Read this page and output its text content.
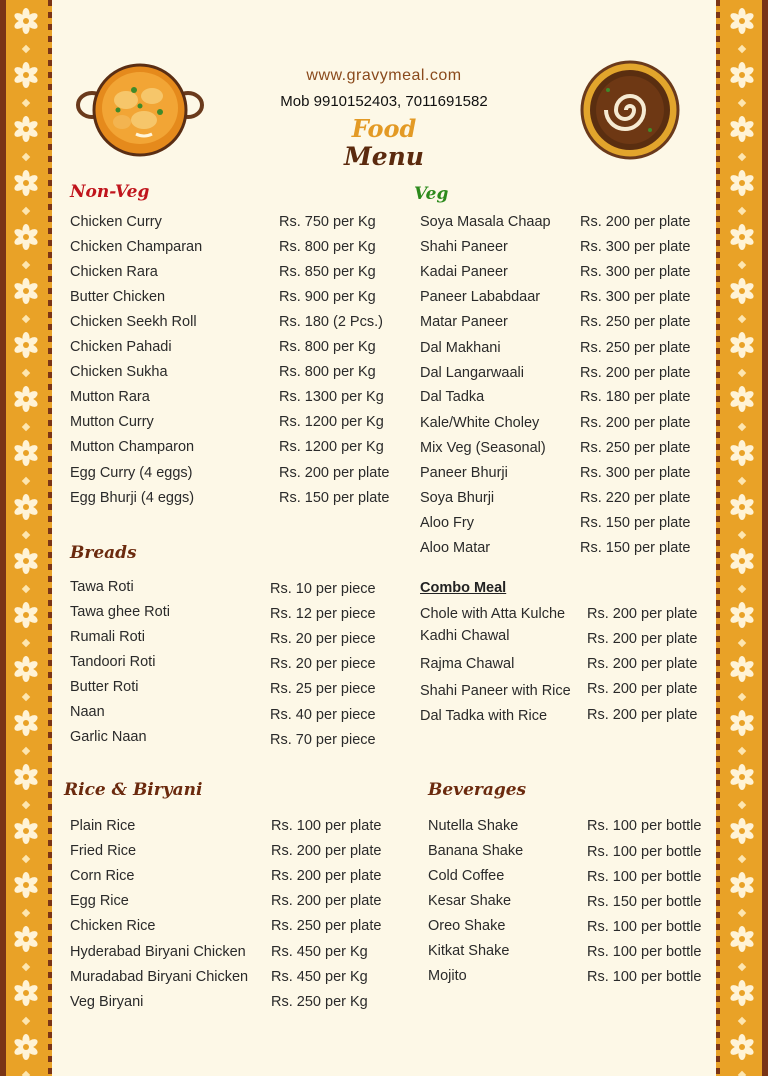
www.gravymeal.com
Mob 9910152403, 7011691582
Food
Menu
Non-Veg	Veg
Breads
Combo Meal
Rice & Biryani	Beverages
Chicken Curry	Rs. 750 per Kg
Chicken Champaran	Rs. 800 per Kg
Chicken Rara	Rs. 850 per Kg
Butter Chicken	Rs. 900 per Kg
Chicken Seekh Roll	Rs. 180 (2 Pcs.)
Chicken Pahadi	Rs. 800 per Kg
Chicken Sukha	Rs. 800 per Kg
Mutton Rara	Rs. 1300 per Kg
Mutton Curry	Rs. 1200 per Kg
Mutton Champaron	Rs. 1200 per Kg
Egg Curry (4 eggs)	Rs. 200 per plate
Egg Bhurji (4 eggs)	Rs. 150 per plate
Soya Masala Chaap Rs. 200 per plate
Shahi Paneer	Rs. 300 per plate
Kadai Paneer	Rs. 300 per plate
Paneer Lababdaar	Rs. 300 per plate
Matar Paneer	Rs. 250 per plate
Dal Makhani	Rs. 250 per plate
Dal Langarwaali	Rs. 200 per plate
Dal Tadka	Rs. 180 per plate
Kale/White Choley	Rs. 200 per plate
Mix Veg (Seasonal) Rs. 250 per plate
Paneer Bhurji	Rs. 300 per plate
Soya Bhurji	Rs. 220 per plate
Aloo Fry	Rs. 150 per plate
Aloo Matar	Rs. 150 per plate
Tawa Roti	Rs. 10 per piece
Tawa ghee Roti	Rs. 12 per piece
Rumali Roti	Rs. 20 per piece
Tandoori Roti	Rs. 20 per piece
Butter Roti	Rs. 25 per piece
Naan	Rs. 40 per piece
Garlic Naan	Rs. 70 per piece
Chole with Atta Kulche Rs. 200 per plate
Kadhi Chawal	Rs. 200 per plate
Rajma Chawal	Rs. 200 per plate
Shahi Paneer with Rice Rs. 200 per plate
Dal Tadka with Rice	Rs. 200 per plate
Plain Rice	Rs. 100 per plate
Fried Rice	Rs. 200 per plate
Corn Rice	Rs. 200 per plate
Egg Rice	Rs. 200 per plate
Chicken Rice	Rs. 250 per plate
Hyderabad Biryani Chicken Rs. 450 per Kg
Muradabad Biryani Chicken Rs. 450 per Kg
Veg Biryani	Rs. 250 per Kg
Nutella Shake	Rs. 100 per bottle
Banana Shake	Rs. 100 per bottle
Cold Coffee	Rs. 100 per bottle
Kesar Shake	Rs. 150 per bottle
Oreo Shake	Rs. 100 per bottle
Kitkat Shake	Rs. 100 per bottle
Mojito	Rs. 100 per bottle
